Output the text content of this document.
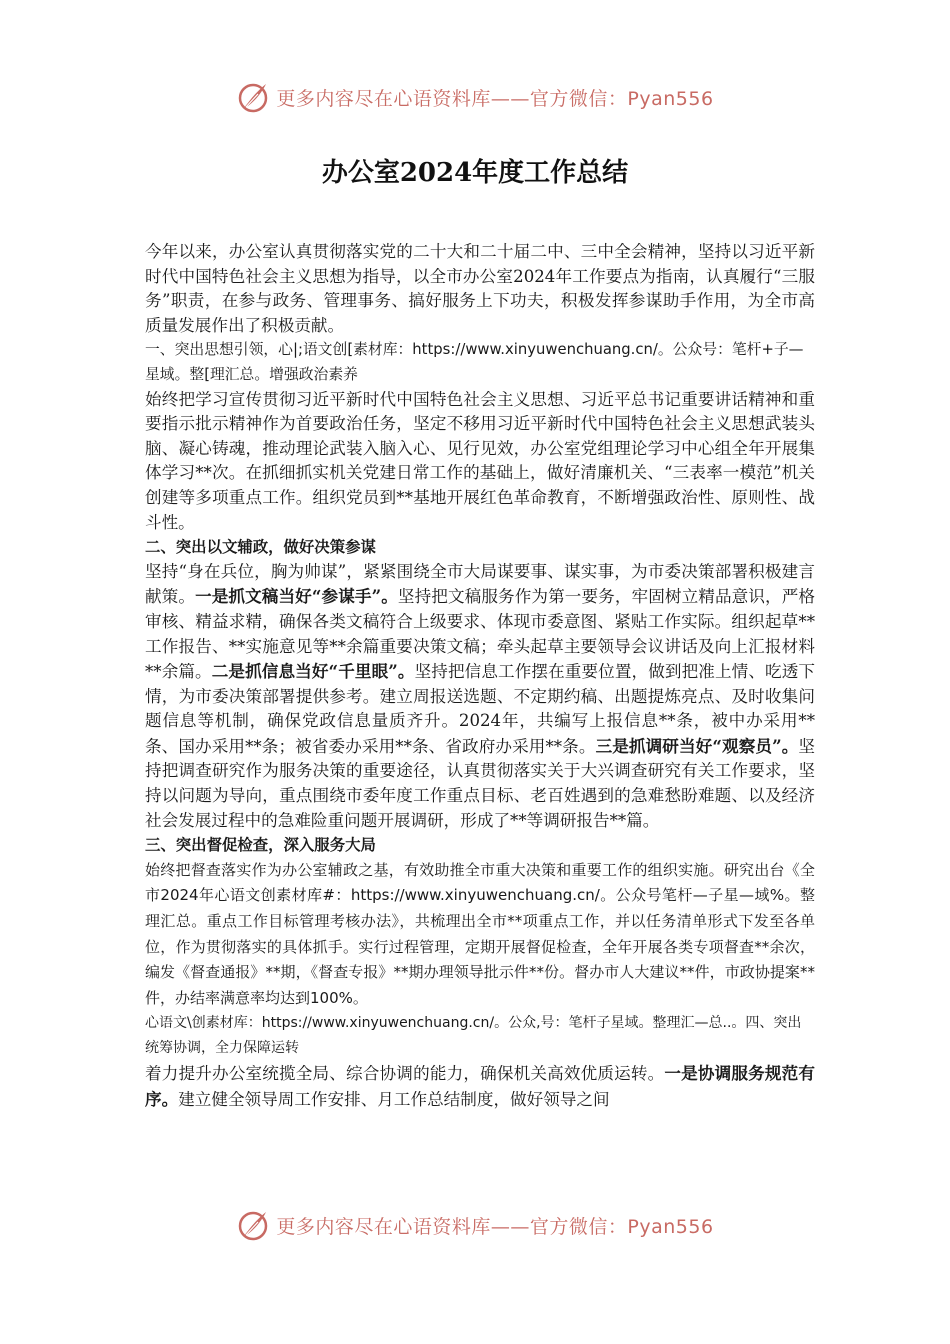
更多内容尽在心语资料库——官方微信：Pyan556
办公室2024年度工作总结

今年以来，办公室认真贯彻落实党的二十大和二十届二中、三中全会精神，坚持以习近平新时代中国特色社会主义思想为指导，以全市办公室2024年工作要点为指南，认真履行“三服务”职责，在参与政务、管理事务、搞好服务上下功夫，积极发挥参谋助手作用，为全市高质量发展作出了积极贡献。

一、突出思想引领，心|;语文创[素材库：https://www.xinyuwenchuang.cn/。公众号：笔杆+子—星域。整[理汇总。增强政治素养

始终把学习宣传贯彻习近平新时代中国特色社会主义思想、习近平总书记重要讲话精神和重要指示批示精神作为首要政治任务，坚定不移用习近平新时代中国特色社会主义思想武装头脑、凝心铸魂，推动理论武装入脑入心、见行见效，办公室党组理论学习中心组全年开展集体学习**次。在抓细抓实机关党建日常工作的基础上，做好清廉机关、“三表率一模范”机关创建等多项重点工作。组织党员到**基地开展红色革命教育，不断增强政治性、原则性、战斗性。

二、突出以文辅政，做好决策参谋

坚持“身在兵位，胸为帅谋”，紧紧围绕全市大局谋要事、谋实事，为市委决策部署积极建言献策。一是抓文稿当好“参谋手”。坚持把文稿服务作为第一要务，牢固树立精品意识，严格审核、精益求精，确保各类文稿符合上级要求、体现市委意图、紧贴工作实际。组织起草**工作报告、**实施意见等**余篇重要决策文稿；牵头起草主要领导会议讲话及向上汇报材料**余篇。二是抓信息当好“千里眼”。坚持把信息工作摆在重要位置，做到把准上情、吃透下情，为市委决策部署提供参考。建立周报送选题、不定期约稿、出题提炼亮点、及时收集问题信息等机制，确保党政信息量质齐升。2024年，共编写上报信息**条，被中办采用**条、国办采用**条；被省委办采用**条、省政府办采用**条。三是抓调研当好“观察员”。坚持把调查研究作为服务决策的重要途径，认真贯彻落实关于大兴调查研究有关工作要求，坚持以问题为导向，重点围绕市委年度工作重点目标、老百姓遇到的急难愁盼难题、以及经济社会发展过程中的急难险重问题开展调研，形成了**等调研报告**篇。

三、突出督促检查，深入服务大局

始终把督查落实作为办公室辅政之基，有效助推全市重大决策和重要工作的组织实施。研究出台《全市2024年心语文创素材库#：https://www.xinyuwenchuang.cn/。公众号笔杆—子星—域%。整理汇总。重点工作目标管理考核办法》，共梳理出全市**项重点工作，并以任务清单形式下发至各单位，作为贯彻落实的具体抓手。实行过程管理，定期开展督促检查，全年开展各类专项督查**余次，编发《督查通报》**期，《督查专报》**期办理领导批示件**份。督办市人大建议**件，市政协提案**件，办结率满意率均达到100%。

心语文\创素材库：https://www.xinyuwenchuang.cn/。公众,号：笔杆子星域。整理汇—总..。四、突出统筹协调，全力保障运转

着力提升办公室统揽全局、综合协调的能力，确保机关高效优质运转。一是协调服务规范有序。建立健全领导周工作安排、月工作总结制度，做好领导之间

更多内容尽在心语资料库——官方微信：Pyan556
